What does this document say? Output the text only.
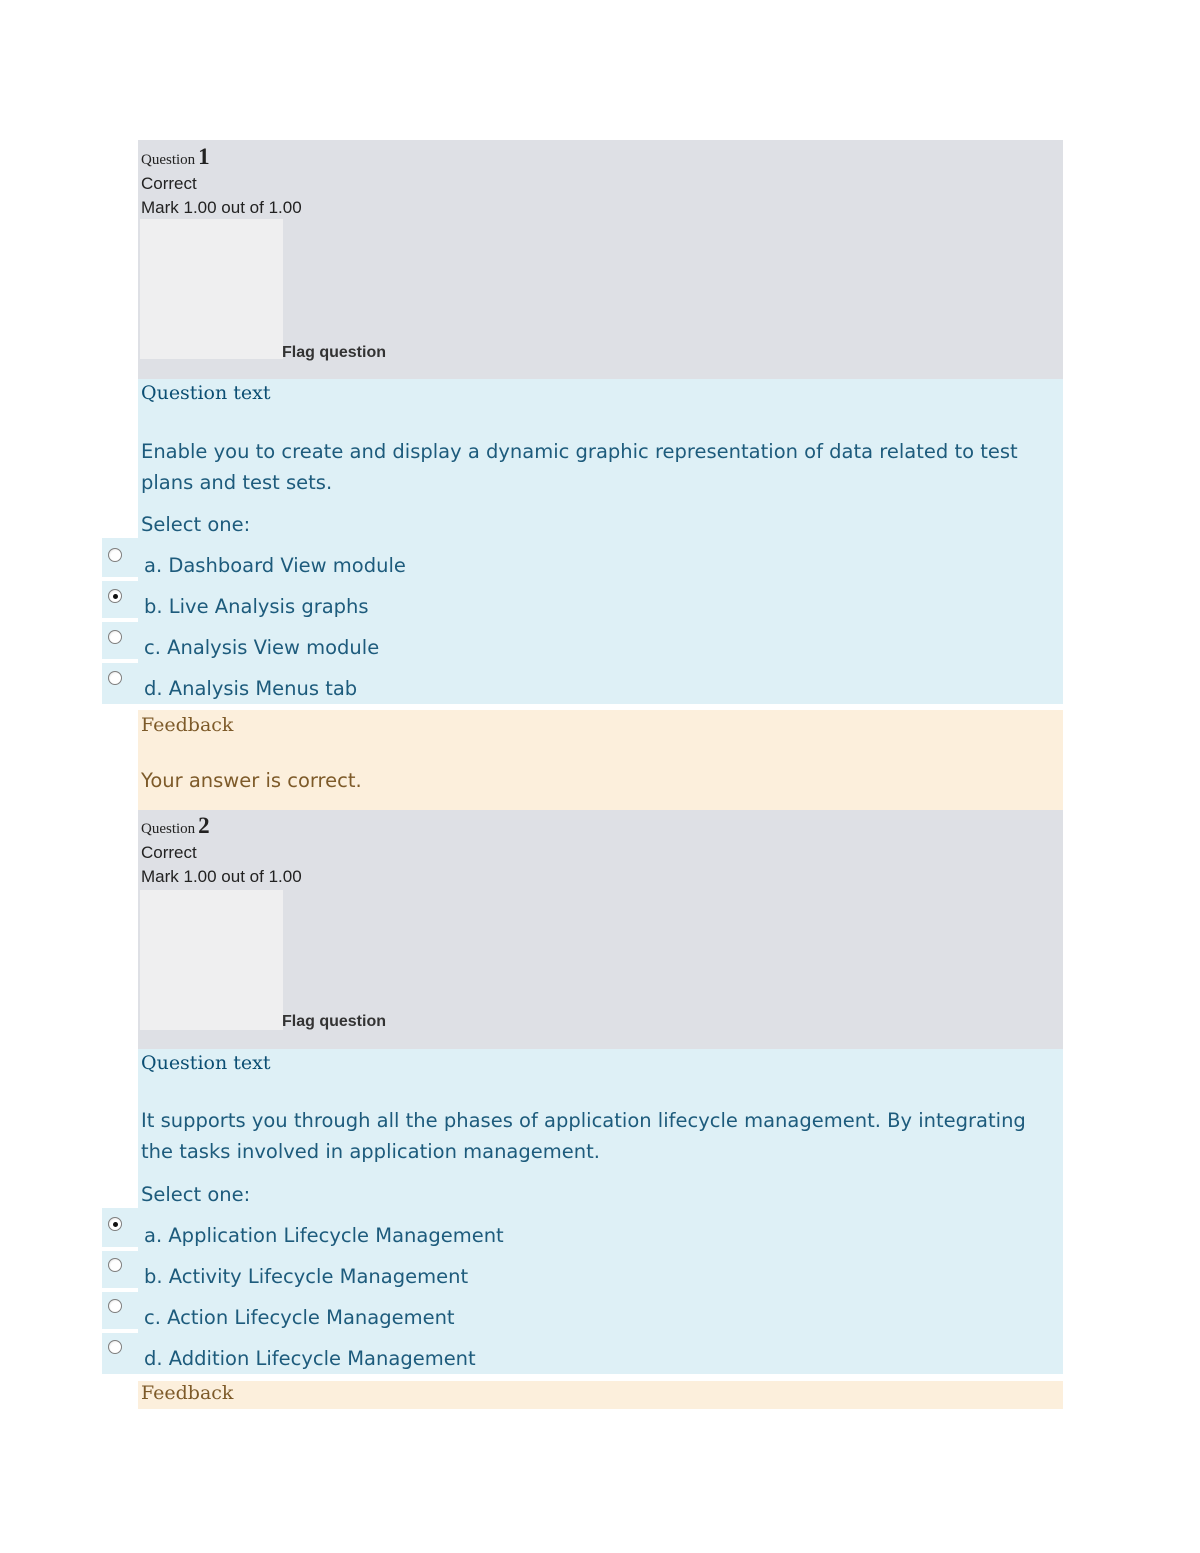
Question 1
Correct
Mark 1.00 out of 1.00
Flag question
Question text
Enable you to create and display a dynamic graphic representation of data related to test plans and test sets.
Select one:
a. Dashboard View module
b. Live Analysis graphs
c. Analysis View module
d. Analysis Menus tab
Feedback
Your answer is correct.
Question 2
Correct
Mark 1.00 out of 1.00
Flag question
Question text
It supports you through all the phases of application lifecycle management. By integrating the tasks involved in application management.
Select one:
a. Application Lifecycle Management
b. Activity Lifecycle Management
c. Action Lifecycle Management
d. Addition Lifecycle Management
Feedback
